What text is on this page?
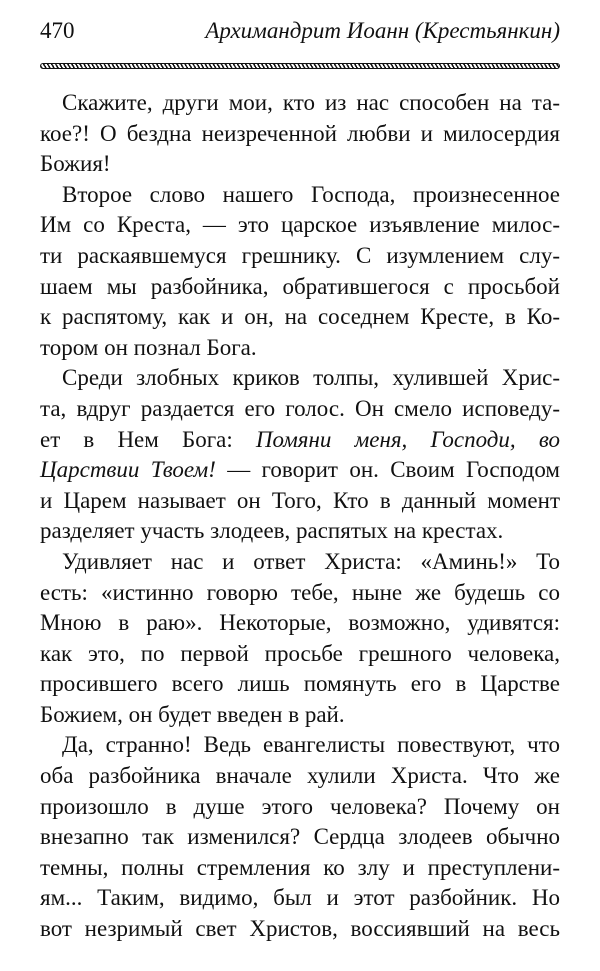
470	Архимандрит Иоанн (Крестьянкин)
Скажите, други мои, кто из нас способен на та-
кое?! О бездна неизреченной любви и милосердия
Божия!
Второе слово нашего Господа, произнесенное
Им со Креста, — это царское изъявление милос-
ти раскаявшемуся грешнику. С изумлением слу-
шаем мы разбойника, обратившегося с просьбой
к распятому, как и он, на соседнем Кресте, в Ко-
тором он познал Бога.
Среди злобных криков толпы, хулившей Хрис-
та, вдруг раздается его голос. Он смело исповеду-
ет в Нем Бога: Помяни меня, Господи, во
Царствии Твоем! — говорит он. Своим Господом
и Царем называет он Того, Кто в данный момент
разделяет участь злодеев, распятых на крестах.
Удивляет нас и ответ Христа: «Аминь!» То
есть: «истинно говорю тебе, ныне же будешь со
Мною в раю». Некоторые, возможно, удивятся:
как это, по первой просьбе грешного человека,
просившего всего лишь помянуть его в Царстве
Божием, он будет введен в рай.
Да, странно! Ведь евангелисты повествуют, что
оба разбойника вначале хулили Христа. Что же
произошло в душе этого человека? Почему он
внезапно так изменился? Сердца злодеев обычно
темны, полны стремления ко злу и преступлени-
ям... Таким, видимо, был и этот разбойник. Но
вот незримый свет Христов, воссиявший на весь
